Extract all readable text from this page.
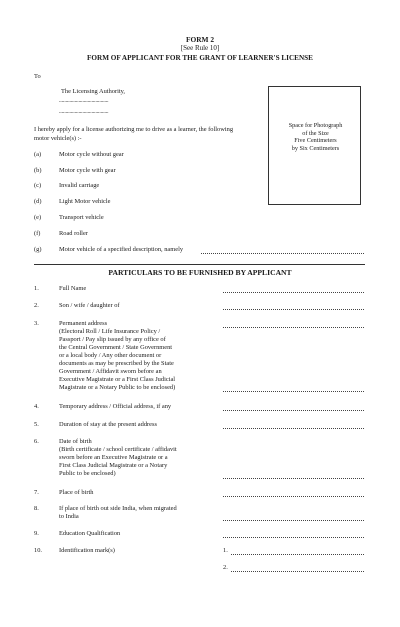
FORM 2
[See Rule 10]
FORM OF APPLICANT FOR THE GRANT OF LEARNER'S LICENSE
To
The Licensing Authority,
......................................
......................................
Space for Photograph
of the Size
Five Centimeters
by Six Centimeters
I hereby apply for a license authorizing me to drive as a learner, the following
motor vehicle(s) :-
(a)	Motor cycle without gear
(b)	Motor cycle with gear
(c)	Invalid carriage
(d)	Light Motor vehicle
(e)	Transport vehicle
(f)	Road roller
(g)	Motor vehicle of a specified description, namely
PARTICULARS TO BE FURNISHED BY APPLICANT
1.	Full Name
2.	Son / wife / daughter of
3.	Permanent address
(Electoral Roll / Life Insurance Policy /
Passport / Pay slip issued by any office of
the Central Government / State Government
or a local body / Any other document or
documents as may be prescribed by the State
Government / Affidavit sworn before an
Executive Magistrate or a First Class Judicial
Magistrate or a Notary Public to be enclosed)
4.	Temporary address / Official address, if any
5.	Duration of stay at the present address
6.	Date of birth
(Birth certificate / school certificate / affidavit
sworn before an Executive Magistrate or a
First Class Judicial Magistrate or a Notary
Public to be enclosed)
7.	Place of birth
8.	If place of birth out side India, when migrated
to India
9.	Education Qualification
10.	Identification mark(s)	1.
2.
